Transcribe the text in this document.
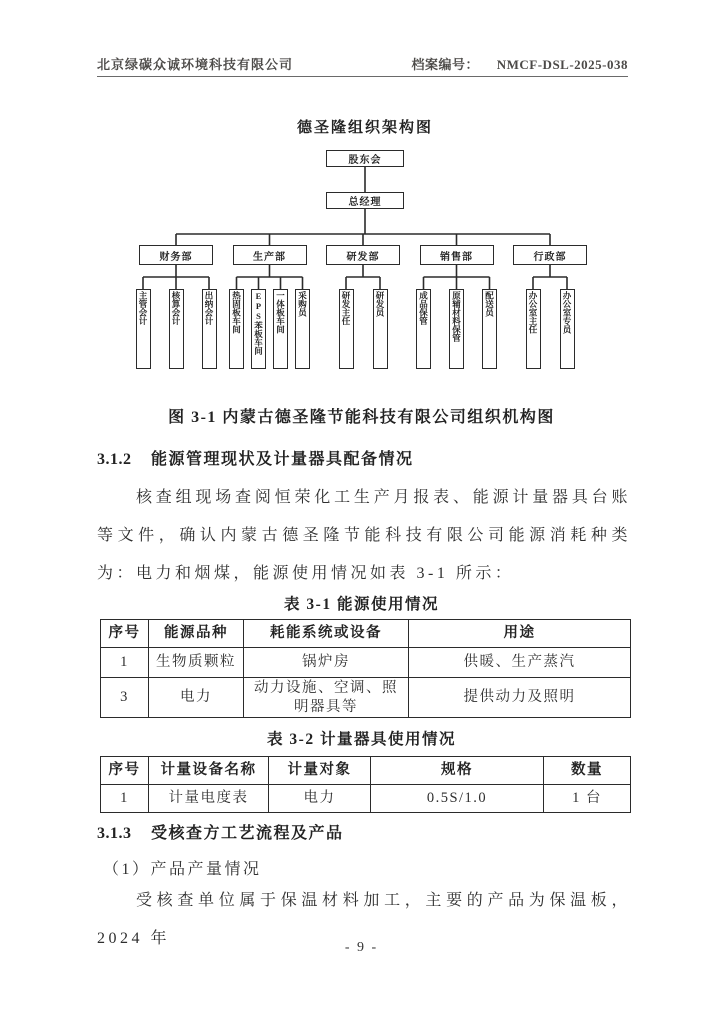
北京绿碳众诚环境科技有限公司	档案编号： NMCF-DSL-2025-038
德圣隆组织架构图
股东会
总经理
财务部
主管会计	核算会计	出纳会计
生产部
热固板车间 EPS苯板车间 一体板车间 采购员
研发部
研发主任	研发员
销售部
成品保管	原辅材料保管	配送员
行政部
办公室主任	办公室专员
图 3-1 内蒙古德圣隆节能科技有限公司组织机构图
3.1.2 能源管理现状及计量器具配备情况
核查组现场查阅恒荣化工生产月报表、能源计量器具台账等文件，确认内蒙古德圣隆节能科技有限公司能源消耗种类为：电力和烟煤，能源使用情况如表 3-1 所示：
表 3-1 能源使用情况
序号	能源品种	耗能系统或设备	用途
1	生物质颗粒	锅炉房	供暖、生产蒸汽
3	电力	动力设施、空调、照明器具等	提供动力及照明
表 3-2 计量器具使用情况
序号	计量设备名称	计量对象	规格	数量
1	计量电度表	电力	0.5S/1.0	1 台
3.1.3 受核查方工艺流程及产品
（1）产品产量情况
受核查单位属于保温材料加工，主要的产品为保温板，2024 年
- 9 -
